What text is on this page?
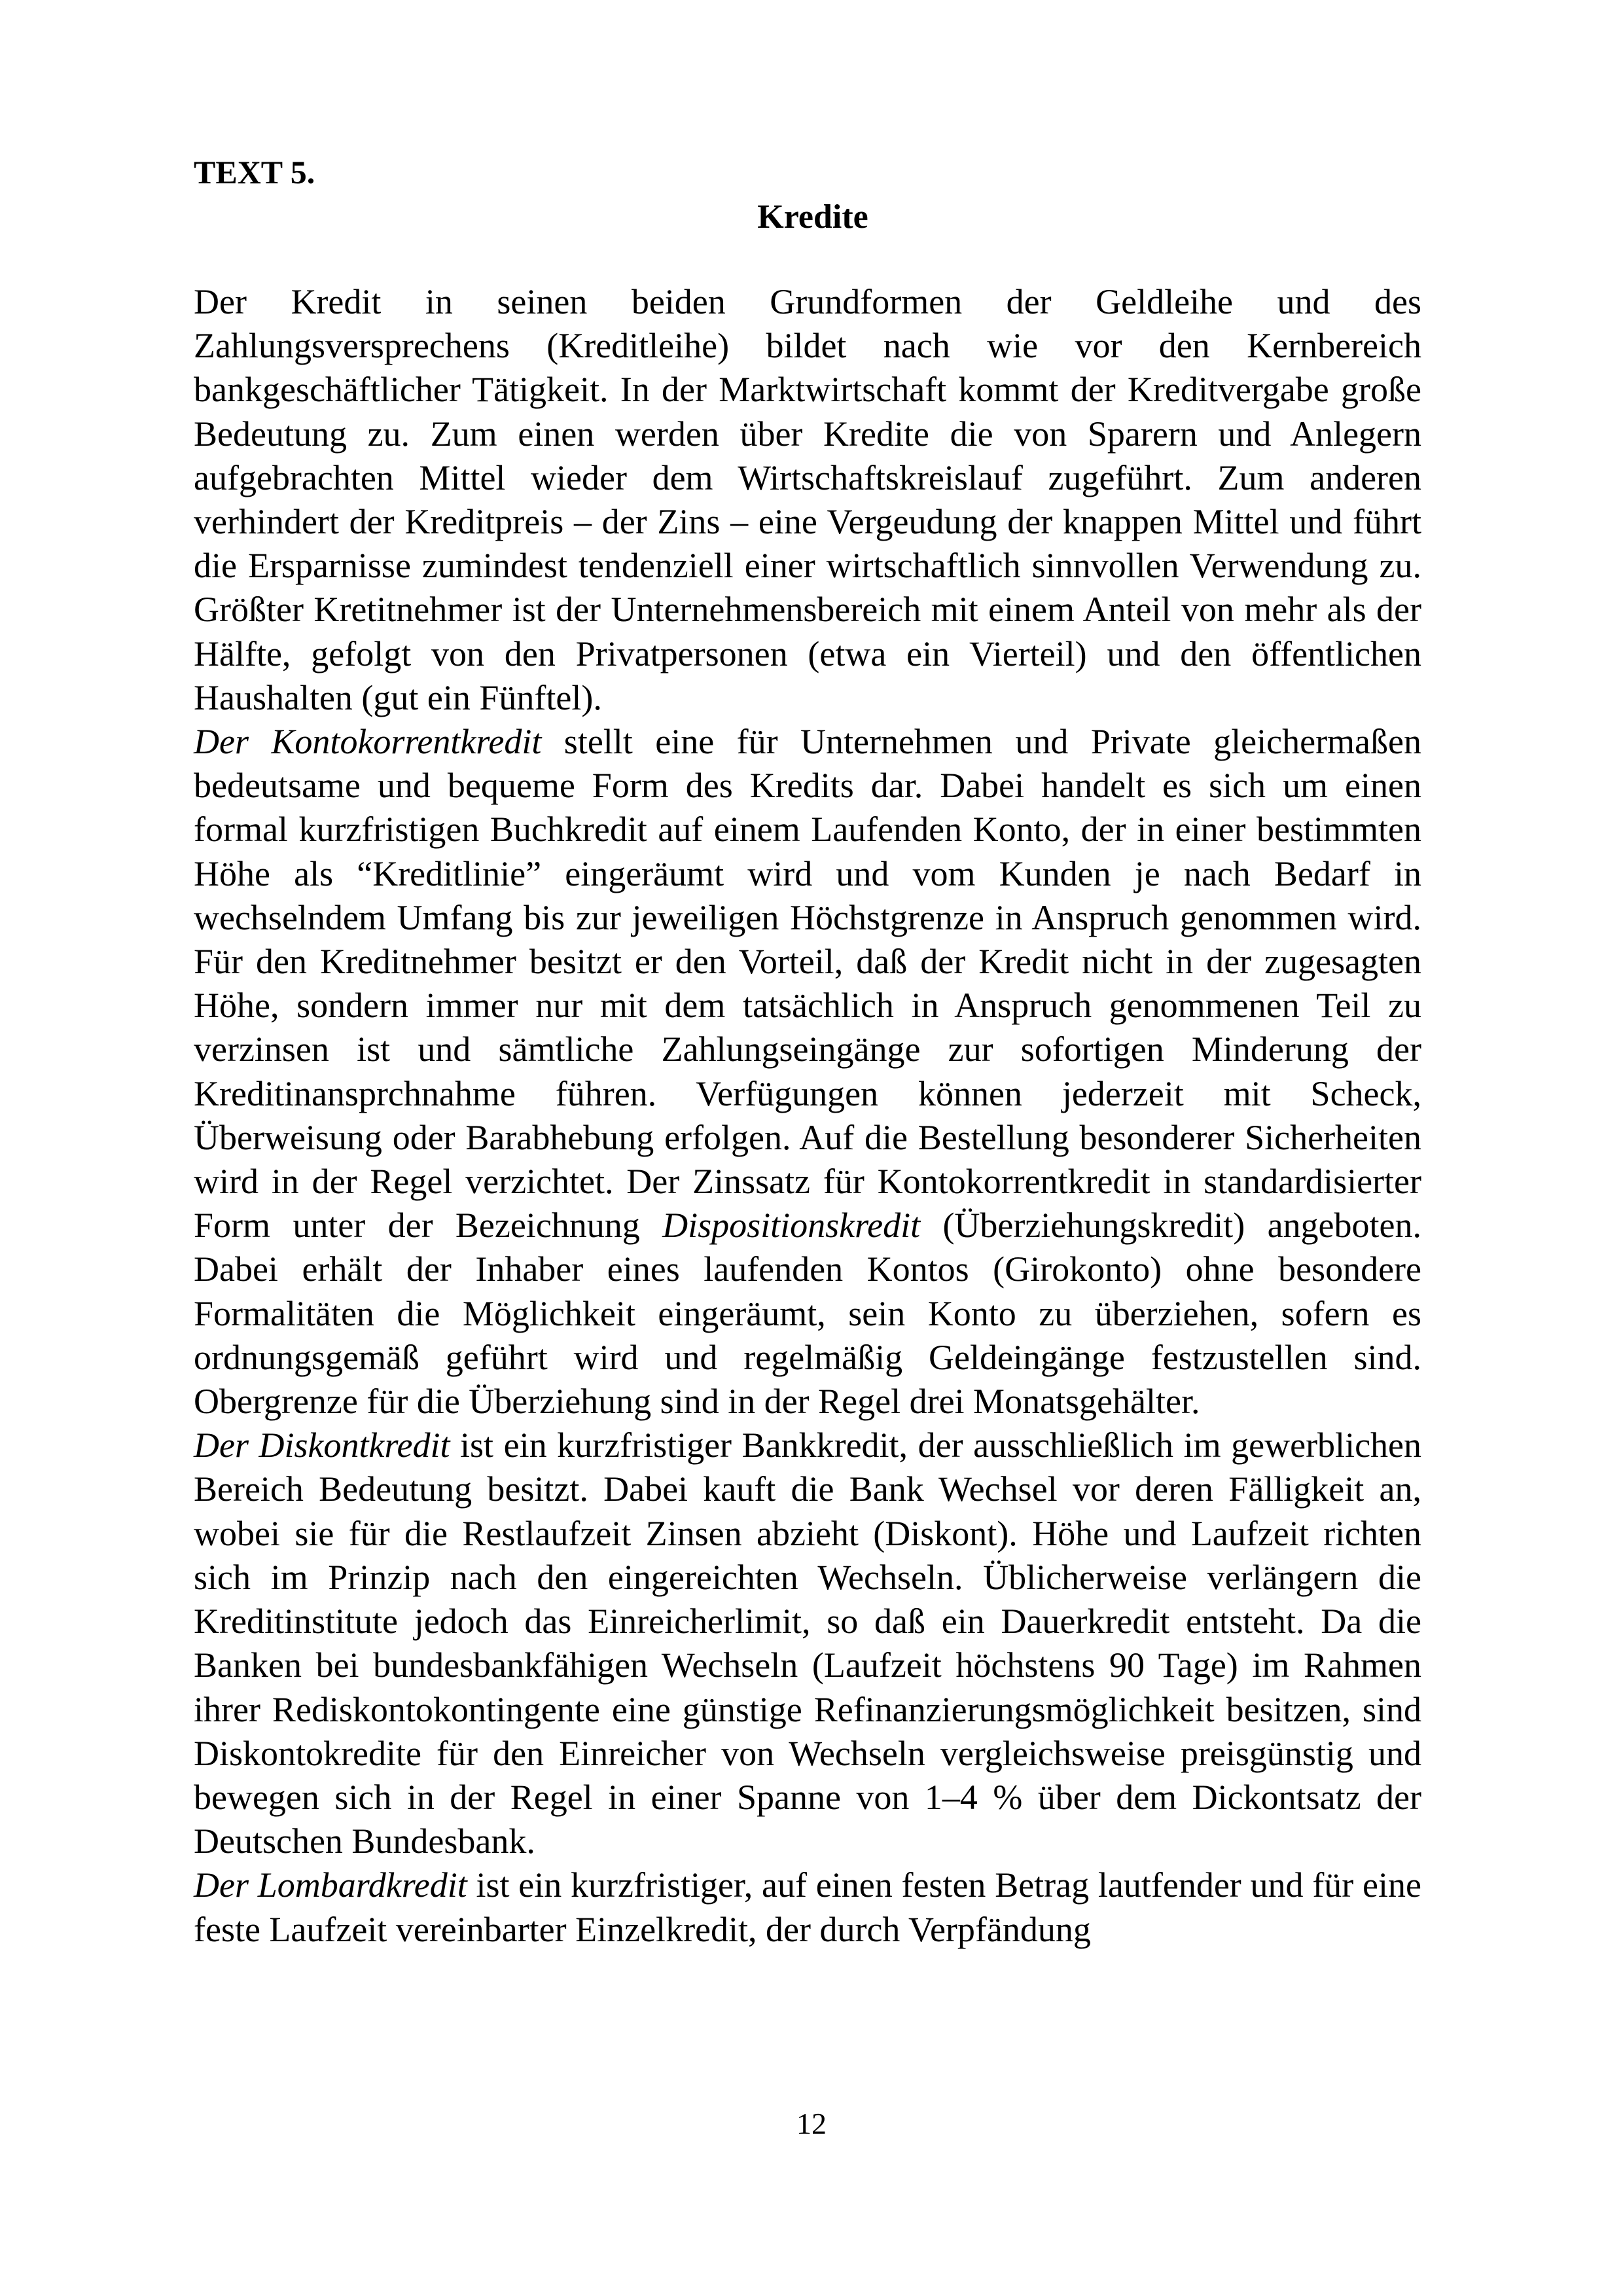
TEXT 5.
Kredite

Der Kredit in seinen beiden Grundformen der Geldleihe und des Zahlungsversprechens (Kreditleihe) bildet nach wie vor den Kernbereich bankgeschäftlicher Tätigkeit. In der Marktwirtschaft kommt der Kreditvergabe große Bedeutung zu. Zum einen werden über Kredite die von Sparern und Anlegern aufgebrachten Mittel wieder dem Wirtschaftskreislauf zugeführt. Zum anderen verhindert der Kreditpreis – der Zins – eine Vergeudung der knappen Mittel und führt die Ersparnisse zumindest tendenziell einer wirtschaftlich sinnvollen Verwendung zu. Größter Kretitnehmer ist der Unternehmensbereich mit einem Anteil von mehr als der Hälfte, gefolgt von den Privatpersonen (etwa ein Vierteil) und den öffentlichen Haushalten (gut ein Fünftel).

Der Kontokorrentkredit stellt eine für Unternehmen und Private gleichermaßen bedeutsame und bequeme Form des Kredits dar. Dabei handelt es sich um einen formal kurzfristigen Buchkredit auf einem Laufenden Konto, der in einer bestimmten Höhe als “Kreditlinie” eingeräumt wird und vom Kunden je nach Bedarf in wechselndem Umfang bis zur jeweiligen Höchstgrenze in Anspruch genommen wird. Für den Kreditnehmer besitzt er den Vorteil, daß der Kredit nicht in der zugesagten Höhe, sondern immer nur mit dem tatsächlich in Anspruch genommenen Teil zu verzinsen ist und sämtliche Zahlungseingänge zur sofortigen Minderung der Kreditinansprchnahme führen. Verfügungen können jederzeit mit Scheck, Überweisung oder Barabhebung erfolgen. Auf die Bestellung besonderer Sicherheiten wird in der Regel verzichtet. Der Zinssatz für Kontokorrentkredit in standardisierter Form unter der Bezeichnung Dispositionskredit (Überziehungskredit) angeboten. Dabei erhält der Inhaber eines laufenden Kontos (Girokonto) ohne besondere Formalitäten die Möglichkeit eingeräumt, sein Konto zu überziehen, sofern es ordnungsgemäß geführt wird und regelmäßig Geldeingänge festzustellen sind. Obergrenze für die Überziehung sind in der Regel drei Monatsgehälter.

Der Diskontkredit ist ein kurzfristiger Bankkredit, der ausschließlich im gewerblichen Bereich Bedeutung besitzt. Dabei kauft die Bank Wechsel vor deren Fälligkeit an, wobei sie für die Restlaufzeit Zinsen abzieht (Diskont). Höhe und Laufzeit richten sich im Prinzip nach den eingereichten Wechseln. Üblicherweise verlängern die Kreditinstitute jedoch das Einreicherlimit, so daß ein Dauerkredit entsteht. Da die Banken bei bundesbankfähigen Wechseln (Laufzeit höchstens 90 Tage) im Rahmen ihrer Rediskontokontingente eine günstige Refinanzierungsmöglichkeit besitzen, sind Diskontokredite für den Einreicher von Wechseln vergleichsweise preisgünstig und bewegen sich in der Regel in einer Spanne von 1–4 % über dem Dickontsatz der Deutschen Bundesbank.

Der Lombardkredit ist ein kurzfristiger, auf einen festen Betrag lautfender und für eine feste Laufzeit vereinbarter Einzelkredit, der durch Verpfändung

12
